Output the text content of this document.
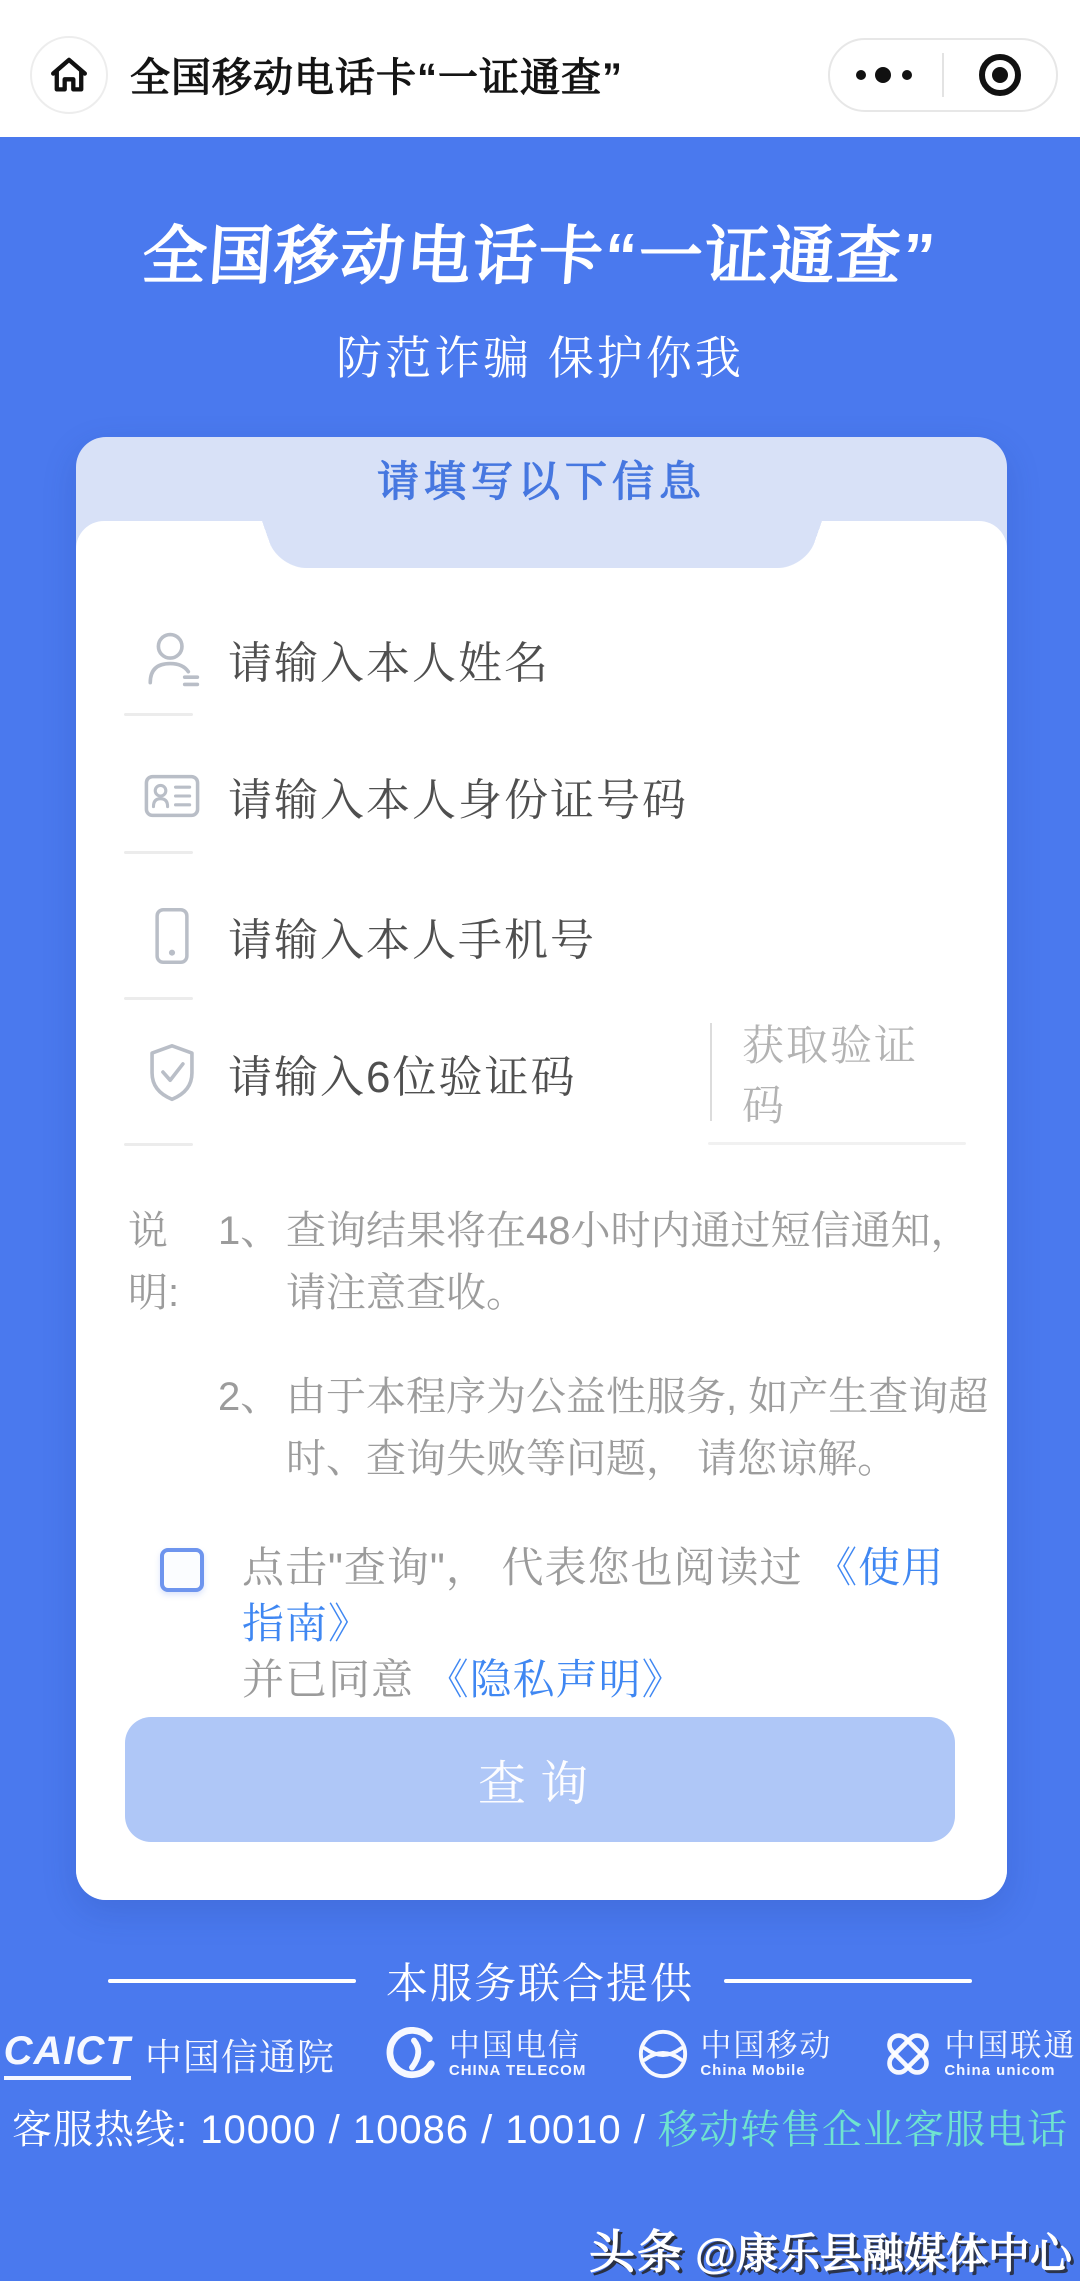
全国移动电话卡“一证通查”
全国移动电话卡“一证通查”
防范诈骗 保护你我
请填写以下信息
请输入本人姓名
请输入本人身份证号码
请输入本人手机号
请输入6位验证码
获取验证码
说
明:
1、 查询结果将在48小时内通过短信通知，请注意查收。

2、 由于本程序为公益性服务, 如产生查询超时、查询失败等问题， 请您谅解。

点击"查询"， 代表您也阅读过 《使用指南》
并已同意 《隐私声明》
查询
本服务联合提供
CAICT 中国信通院	中国电信
CHINA TELECOM
中国移动
China Mobile
中国联通
China unicom
客服热线: 10000 / 10086 / 10010 / 移动转售企业客服电话
头条 @康乐县融媒体中心
